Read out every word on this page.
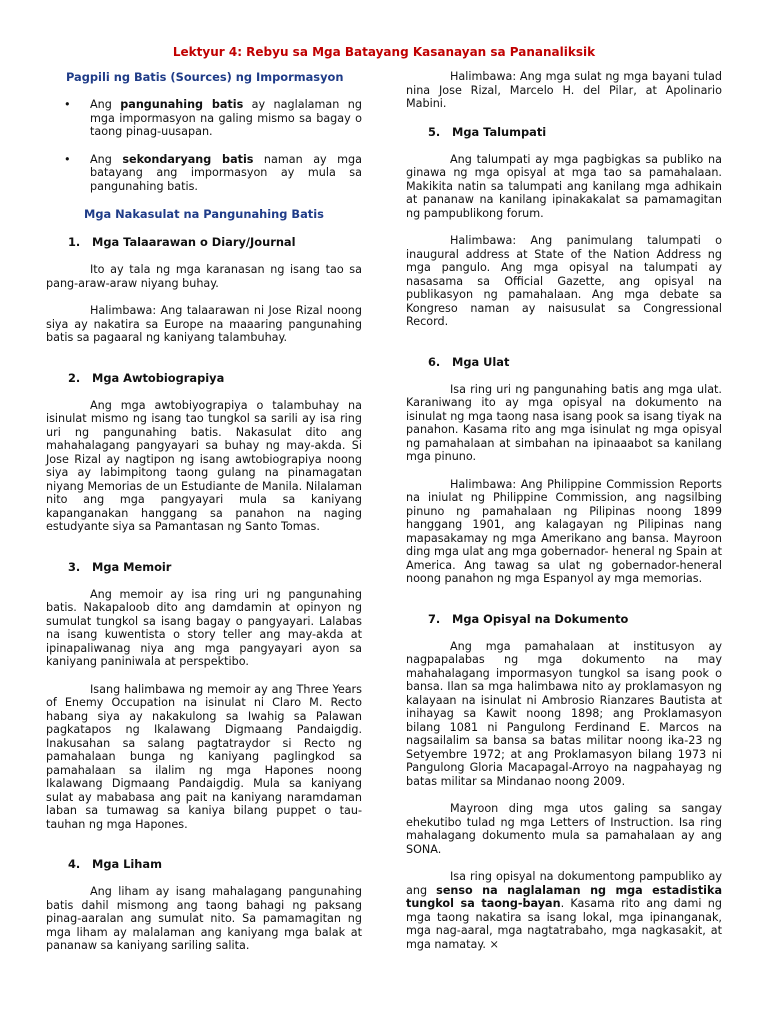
Lektyur 4: Rebyu sa Mga Batayang Kasanayan sa Pananaliksik
Pagpili ng Batis (Sources) ng Impormasyon

• Ang pangunahing batis ay naglalaman ng mga impormasyon na galing mismo sa bagay o taong pinag-uusapan.

• Ang sekondaryang batis naman ay mga batayang ang impormasyon ay mula sa pangunahing batis.

Mga Nakasulat na Pangunahing Batis
1. Mga Talaarawan o Diary/Journal

Ito ay tala ng mga karanasan ng isang tao sa pang-araw-araw niyang buhay.

Halimbawa: Ang talaarawan ni Jose Rizal noong siya ay nakatira sa Europe na maaaring pangunahing batis sa pagaaral ng kaniyang talambuhay.

2. Mga Awtobiograpiya

Ang mga awtobiyograpiya o talambuhay na isinulat mismo ng isang tao tungkol sa sarili ay isa ring uri ng pangunahing batis. Nakasulat dito ang mahahalagang pangyayari sa buhay ng may-akda. Si Jose Rizal ay nagtipon ng isang awtobiograpiya noong siya ay labimpitong taong gulang na pinamagatan niyang Memorias de un Estudiante de Manila. Nilalaman nito ang mga pangyayari mula sa kaniyang kapanganakan hanggang sa panahon na naging estudyante siya sa Pamantasan ng Santo Tomas.

3. Mga Memoir

Ang memoir ay isa ring uri ng pangunahing batis. Nakapaloob dito ang damdamin at opinyon ng sumulat tungkol sa isang bagay o pangyayari. Lalabas na isang kuwentista o story teller ang may-akda at ipinapaliwanag niya ang mga pangyayari ayon sa kaniyang paniniwala at perspektibo.

Isang halimbawa ng memoir ay ang Three Years of Enemy Occupation na isinulat ni Claro M. Recto habang siya ay nakakulong sa Iwahig sa Palawan pagkatapos ng Ikalawang Digmaang Pandaigdig. Inakusahan sa salang pagtatraydor si Recto ng pamahalaan bunga ng kaniyang paglingkod sa pamahalaan sa ilalim ng mga Hapones noong Ikalawang Digmaang Pandaigdig. Mula sa kaniyang sulat ay mababasa ang pait na kaniyang naramdaman laban sa tumawag sa kaniya bilang puppet o tau-tauhan ng mga Hapones.

4. Mga Liham

Ang liham ay isang mahalagang pangunahing batis dahil mismong ang taong bahagi ng paksang pinag-aaralan ang sumulat nito. Sa pamamagitan ng mga liham ay malalaman ang kaniyang mga balak at pananaw sa kaniyang sariling salita.

Halimbawa: Ang mga sulat ng mga bayani tulad nina Jose Rizal, Marcelo H. del Pilar, at Apolinario Mabini.

5. Mga Talumpati

Ang talumpati ay mga pagbigkas sa publiko na ginawa ng mga opisyal at mga tao sa pamahalaan. Makikita natin sa talumpati ang kanilang mga adhikain at pananaw na kanilang ipinakakalat sa pamamagitan ng pampublikong forum.

Halimbawa: Ang panimulang talumpati o inaugural address at State of the Nation Address ng mga pangulo. Ang mga opisyal na talumpati ay nasasama sa Official Gazette, ang opisyal na publikasyon ng pamahalaan. Ang mga debate sa Kongreso naman ay naisusulat sa Congressional Record.

6. Mga Ulat

Isa ring uri ng pangunahing batis ang mga ulat. Karaniwang ito ay mga opisyal na dokumento na isinulat ng mga taong nasa isang pook sa isang tiyak na panahon. Kasama rito ang mga isinulat ng mga opisyal ng pamahalaan at simbahan na ipinaaabot sa kanilang mga pinuno.

Halimbawa: Ang Philippine Commission Reports na iniulat ng Philippine Commission, ang nagsilbing pinuno ng pamahalaan ng Pilipinas noong 1899 hanggang 1901, ang kalagayan ng Pilipinas nang mapasakamay ng mga Amerikano ang bansa. Mayroon ding mga ulat ang mga gobernador- heneral ng Spain at America. Ang tawag sa ulat ng gobernador-heneral noong panahon ng mga Espanyol ay mga memorias.

7. Mga Opisyal na Dokumento

Ang mga pamahalaan at institusyon ay nagpapalabas ng mga dokumento na may mahahalagang impormasyon tungkol sa isang pook o bansa. Ilan sa mga halimbawa nito ay proklamasyon ng kalayaan na isinulat ni Ambrosio Rianzares Bautista at inihayag sa Kawit noong 1898; ang Proklamasyon bilang 1081 ni Pangulong Ferdinand E. Marcos na nagsailalim sa bansa sa batas militar noong ika-23 ng Setyembre 1972; at ang Proklamasyon bilang 1973 ni Pangulong Gloria Macapagal-Arroyo na nagpahayag ng batas militar sa Mindanao noong 2009.

Mayroon ding mga utos galing sa sangay ehekutibo tulad ng mga Letters of Instruction. Isa ring mahalagang dokumento mula sa pamahalaan ay ang SONA.

Isa ring opisyal na dokumentong pampubliko ay ang senso na naglalaman ng mga estadistika tungkol sa taong-bayan. Kasama rito ang dami ng mga taong nakatira sa isang lokal, mga ipinanganak, mga nag-aaral, mga nagtatrabaho, mga nagkasakit, at mga namatay. ×
